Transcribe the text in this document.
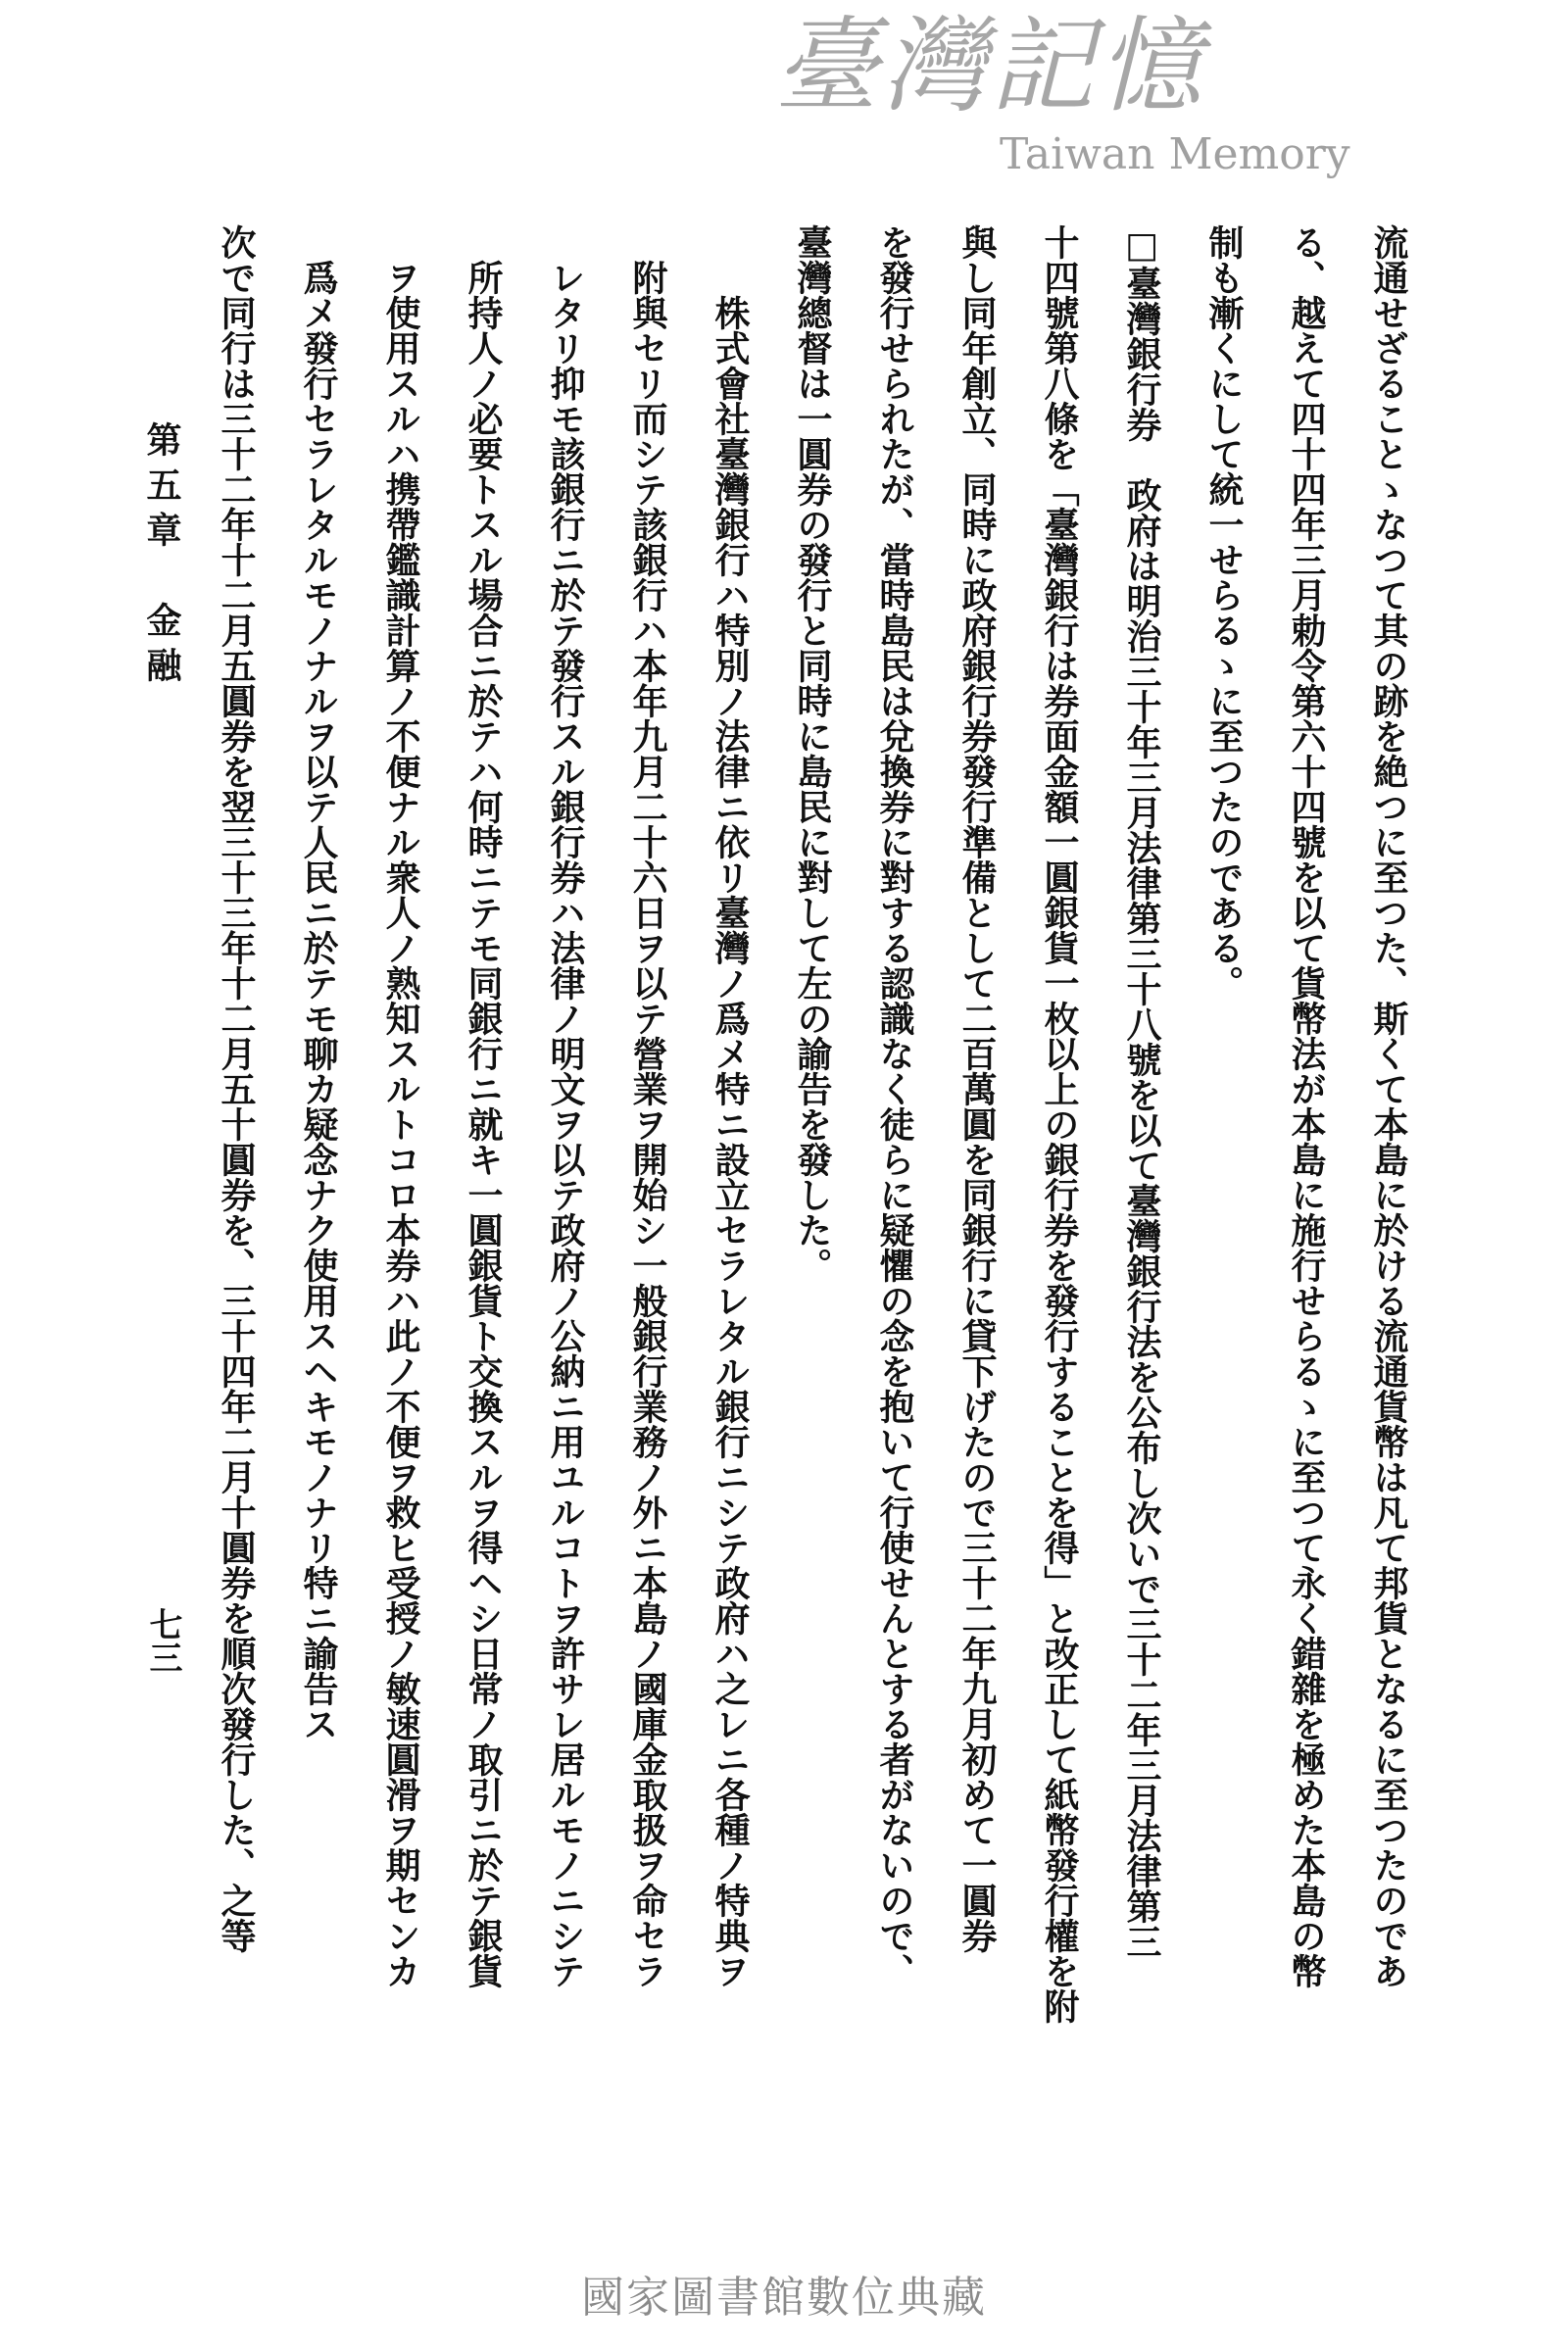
流通せざることゝなつて其の跡を絶つに至つた、斯くて本島に於ける流通貨幣は凡て邦貨となるに至つたのであ
る、越えて四十四年三月勅令第六十四號を以て貨幣法が本島に施行せらるゝに至つて永く錯雜を極めた本島の幣
制も漸くにして統一せらるゝに至つたのである。
□臺灣銀行券　政府は明治三十年三月法律第三十八號を以て臺灣銀行法を公布し次いで三十二年三月法律第三
十四號第八條を「臺灣銀行は券面金額一圓銀貨一枚以上の銀行券を發行することを得」と改正して紙幣發行權を附
與し同年創立、同時に政府銀行券發行準備として二百萬圓を同銀行に貸下げたので三十二年九月初めて一圓券
を發行せられたが、當時島民は兌換券に對する認識なく徒らに疑懼の念を抱いて行使せんとする者がないので、
臺灣總督は一圓券の發行と同時に島民に對して左の諭告を發した。
株式會社臺灣銀行ハ特別ノ法律ニ依リ臺灣ノ爲メ特ニ設立セラレタル銀行ニシテ政府ハ之レニ各種ノ特典ヲ
附與セリ而シテ該銀行ハ本年九月二十六日ヲ以テ營業ヲ開始シ一般銀行業務ノ外ニ本島ノ國庫金取扱ヲ命セラ
レタリ抑モ該銀行ニ於テ發行スル銀行券ハ法律ノ明文ヲ以テ政府ノ公納ニ用ユルコトヲ許サレ居ルモノニシテ
所持人ノ必要トスル場合ニ於テハ何時ニテモ同銀行ニ就キ一圓銀貨ト交換スルヲ得ヘシ日常ノ取引ニ於テ銀貨
ヲ使用スルハ携帶鑑識計算ノ不便ナル衆人ノ熟知スルトコロ本券ハ此ノ不便ヲ救ヒ受授ノ敏速圓滑ヲ期センカ
爲メ發行セラレタルモノナルヲ以テ人民ニ於テモ聊カ疑念ナク使用スヘキモノナリ特ニ諭告ス
次で同行は三十二年十二月五圓券を翌三十三年十二月五十圓券を、三十四年二月十圓券を順次發行した、之等
第五章　金融
七三
臺灣記憶
Taiwan Memory
國家圖書館數位典藏
